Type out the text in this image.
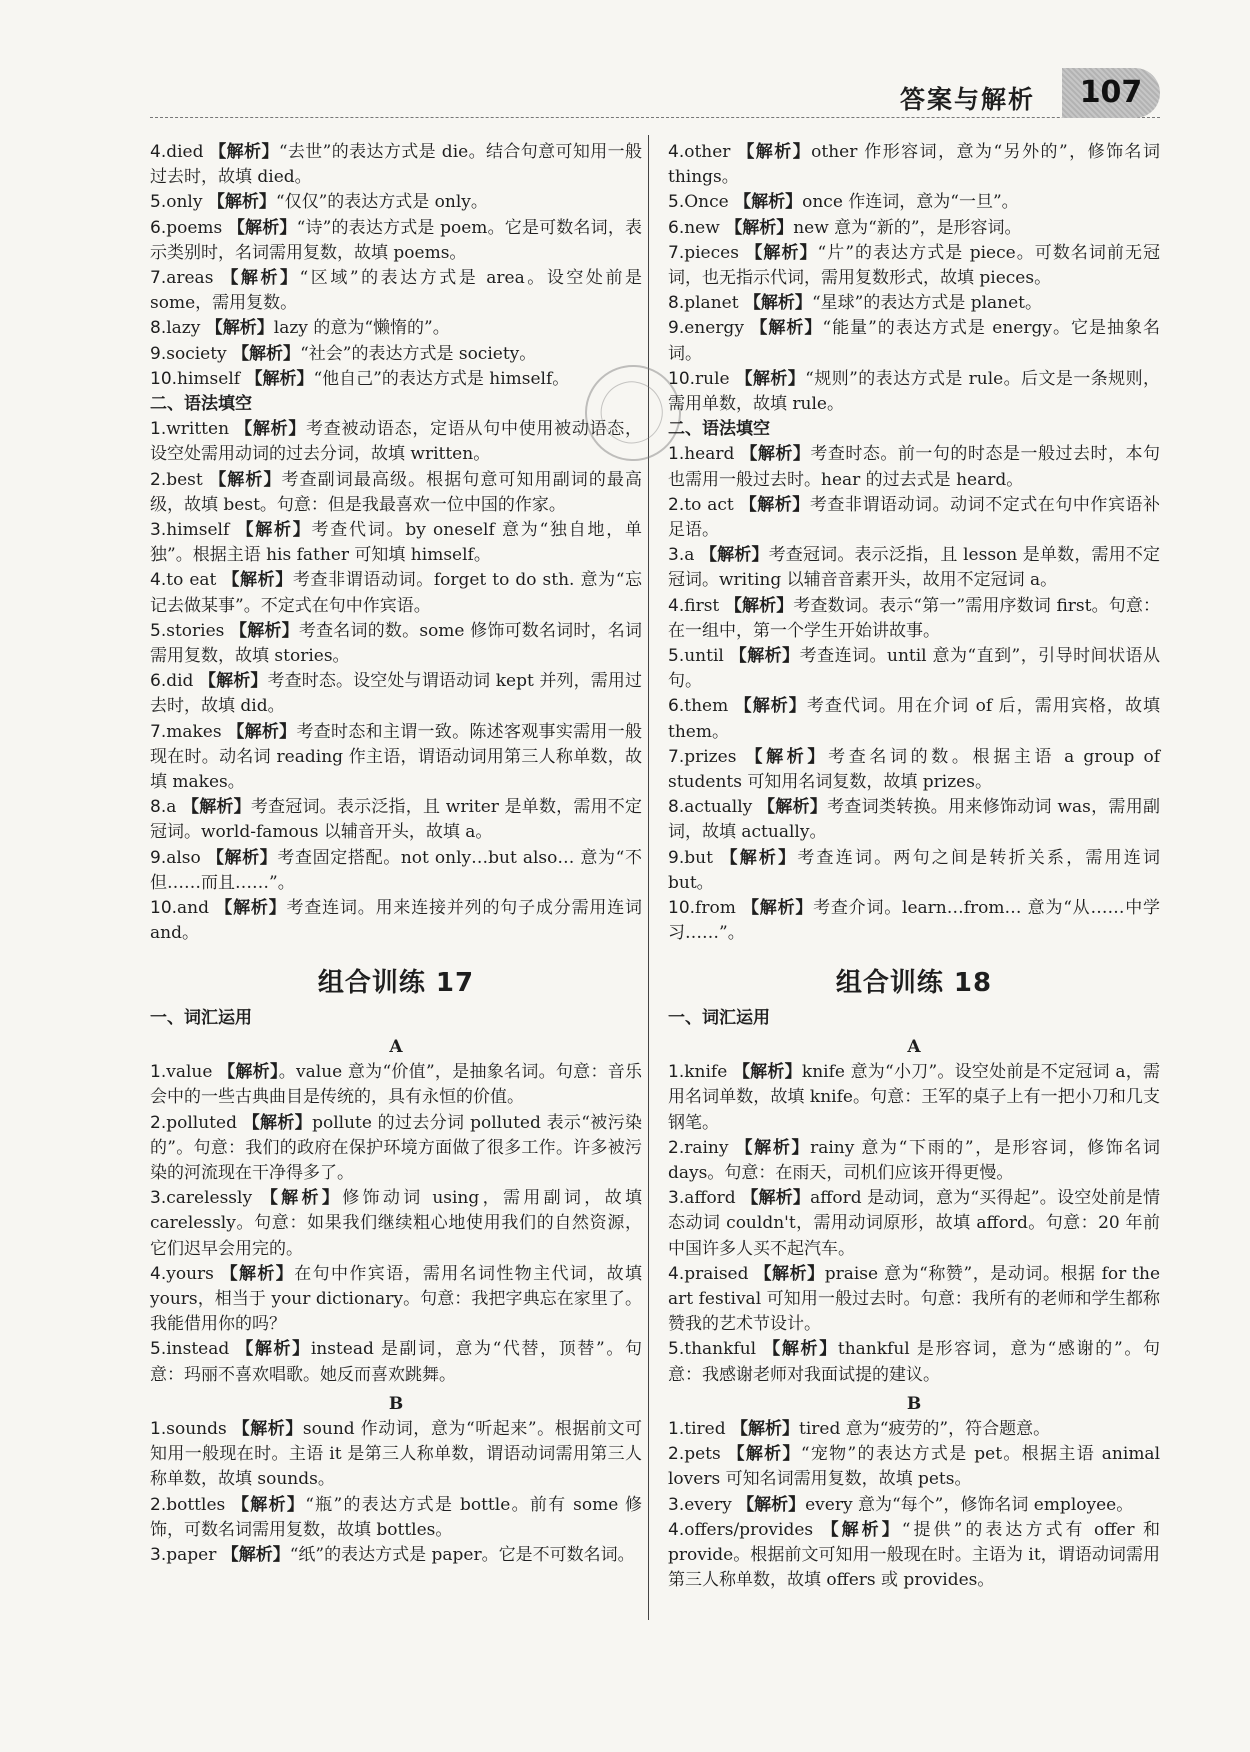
答案与解析	107

4.died 【解析】“去世”的表达方式是 die。结合句意可知用一般过去时，故填 died。

5.only 【解析】“仅仅”的表达方式是 only。

6.poems 【解析】“诗”的表达方式是 poem。它是可数名词，表示类别时，名词需用复数，故填 poems。

7.areas 【解析】“区域”的表达方式是 area。设空处前是 some，需用复数。

8.lazy 【解析】lazy 的意为“懒惰的”。

9.society 【解析】“社会”的表达方式是 society。

10.himself 【解析】“他自己”的表达方式是 himself。

二、语法填空

1.written 【解析】考查被动语态，定语从句中使用被动语态，设空处需用动词的过去分词，故填 written。

2.best 【解析】考查副词最高级。根据句意可知用副词的最高级，故填 best。句意：但是我最喜欢一位中国的作家。

3.himself 【解析】考查代词。by oneself 意为“独自地，单独”。根据主语 his father 可知填 himself。

4.to eat 【解析】考查非谓语动词。forget to do sth. 意为“忘记去做某事”。不定式在句中作宾语。

5.stories 【解析】考查名词的数。some 修饰可数名词时，名词需用复数，故填 stories。

6.did 【解析】考查时态。设空处与谓语动词 kept 并列，需用过去时，故填 did。

7.makes 【解析】考查时态和主谓一致。陈述客观事实需用一般现在时。动名词 reading 作主语，谓语动词用第三人称单数，故填 makes。

8.a 【解析】考查冠词。表示泛指，且 writer 是单数，需用不定冠词。world-famous 以辅音开头，故填 a。

9.also 【解析】考查固定搭配。not only…but also… 意为“不但……而且……”。

10.and 【解析】考查连词。用来连接并列的句子成分需用连词 and。

组合训练 17

一、词汇运用

A

1.value 【解析】。value 意为“价值”，是抽象名词。句意：音乐会中的一些古典曲目是传统的，具有永恒的价值。

2.polluted 【解析】pollute 的过去分词 polluted 表示“被污染的”。句意：我们的政府在保护环境方面做了很多工作。许多被污染的河流现在干净得多了。

3.carelessly 【解析】修饰动词 using，需用副词，故填 carelessly。句意：如果我们继续粗心地使用我们的自然资源，它们迟早会用完的。

4.yours 【解析】在句中作宾语，需用名词性物主代词，故填 yours，相当于 your dictionary。句意：我把字典忘在家里了。我能借用你的吗？

5.instead 【解析】instead 是副词，意为“代替，顶替”。句意：玛丽不喜欢唱歌。她反而喜欢跳舞。

B

1.sounds 【解析】sound 作动词，意为“听起来”。根据前文可知用一般现在时。主语 it 是第三人称单数，谓语动词需用第三人称单数，故填 sounds。

2.bottles 【解析】“瓶”的表达方式是 bottle。前有 some 修饰，可数名词需用复数，故填 bottles。

3.paper 【解析】“纸”的表达方式是 paper。它是不可数名词。

4.other 【解析】other 作形容词，意为“另外的”，修饰名词 things。

5.Once 【解析】once 作连词，意为“一旦”。

6.new 【解析】new 意为“新的”，是形容词。

7.pieces 【解析】“片”的表达方式是 piece。可数名词前无冠词，也无指示代词，需用复数形式，故填 pieces。

8.planet 【解析】“星球”的表达方式是 planet。

9.energy 【解析】“能量”的表达方式是 energy。它是抽象名词。

10.rule 【解析】“规则”的表达方式是 rule。后文是一条规则，需用单数，故填 rule。

二、语法填空

1.heard 【解析】考查时态。前一句的时态是一般过去时，本句也需用一般过去时。hear 的过去式是 heard。

2.to act 【解析】考查非谓语动词。动词不定式在句中作宾语补足语。

3.a 【解析】考查冠词。表示泛指，且 lesson 是单数，需用不定冠词。writing 以辅音音素开头，故用不定冠词 a。

4.first 【解析】考查数词。表示“第一”需用序数词 first。句意：在一组中，第一个学生开始讲故事。

5.until 【解析】考查连词。until 意为“直到”，引导时间状语从句。

6.them 【解析】考查代词。用在介词 of 后，需用宾格，故填 them。

7.prizes 【解析】考查名词的数。根据主语 a group of students 可知用名词复数，故填 prizes。

8.actually 【解析】考查词类转换。用来修饰动词 was，需用副词，故填 actually。

9.but 【解析】考查连词。两句之间是转折关系，需用连词 but。

10.from 【解析】考查介词。learn…from… 意为“从……中学习……”。

组合训练 18

一、词汇运用

A

1.knife 【解析】knife 意为“小刀”。设空处前是不定冠词 a，需用名词单数，故填 knife。句意：王军的桌子上有一把小刀和几支钢笔。

2.rainy 【解析】rainy 意为“下雨的”，是形容词，修饰名词 days。句意：在雨天，司机们应该开得更慢。

3.afford 【解析】afford 是动词，意为“买得起”。设空处前是情态动词 couldn't，需用动词原形，故填 afford。句意：20 年前中国许多人买不起汽车。

4.praised 【解析】praise 意为“称赞”，是动词。根据 for the art festival 可知用一般过去时。句意：我所有的老师和学生都称赞我的艺术节设计。

5.thankful 【解析】thankful 是形容词，意为“感谢的”。句意：我感谢老师对我面试提的建议。

B

1.tired 【解析】tired 意为“疲劳的”，符合题意。

2.pets 【解析】“宠物”的表达方式是 pet。根据主语 animal lovers 可知名词需用复数，故填 pets。

3.every 【解析】every 意为“每个”，修饰名词 employee。

4.offers/provides 【解析】“提供”的表达方式有 offer 和 provide。根据前文可知用一般现在时。主语为 it，谓语动词需用第三人称单数，故填 offers 或 provides。
